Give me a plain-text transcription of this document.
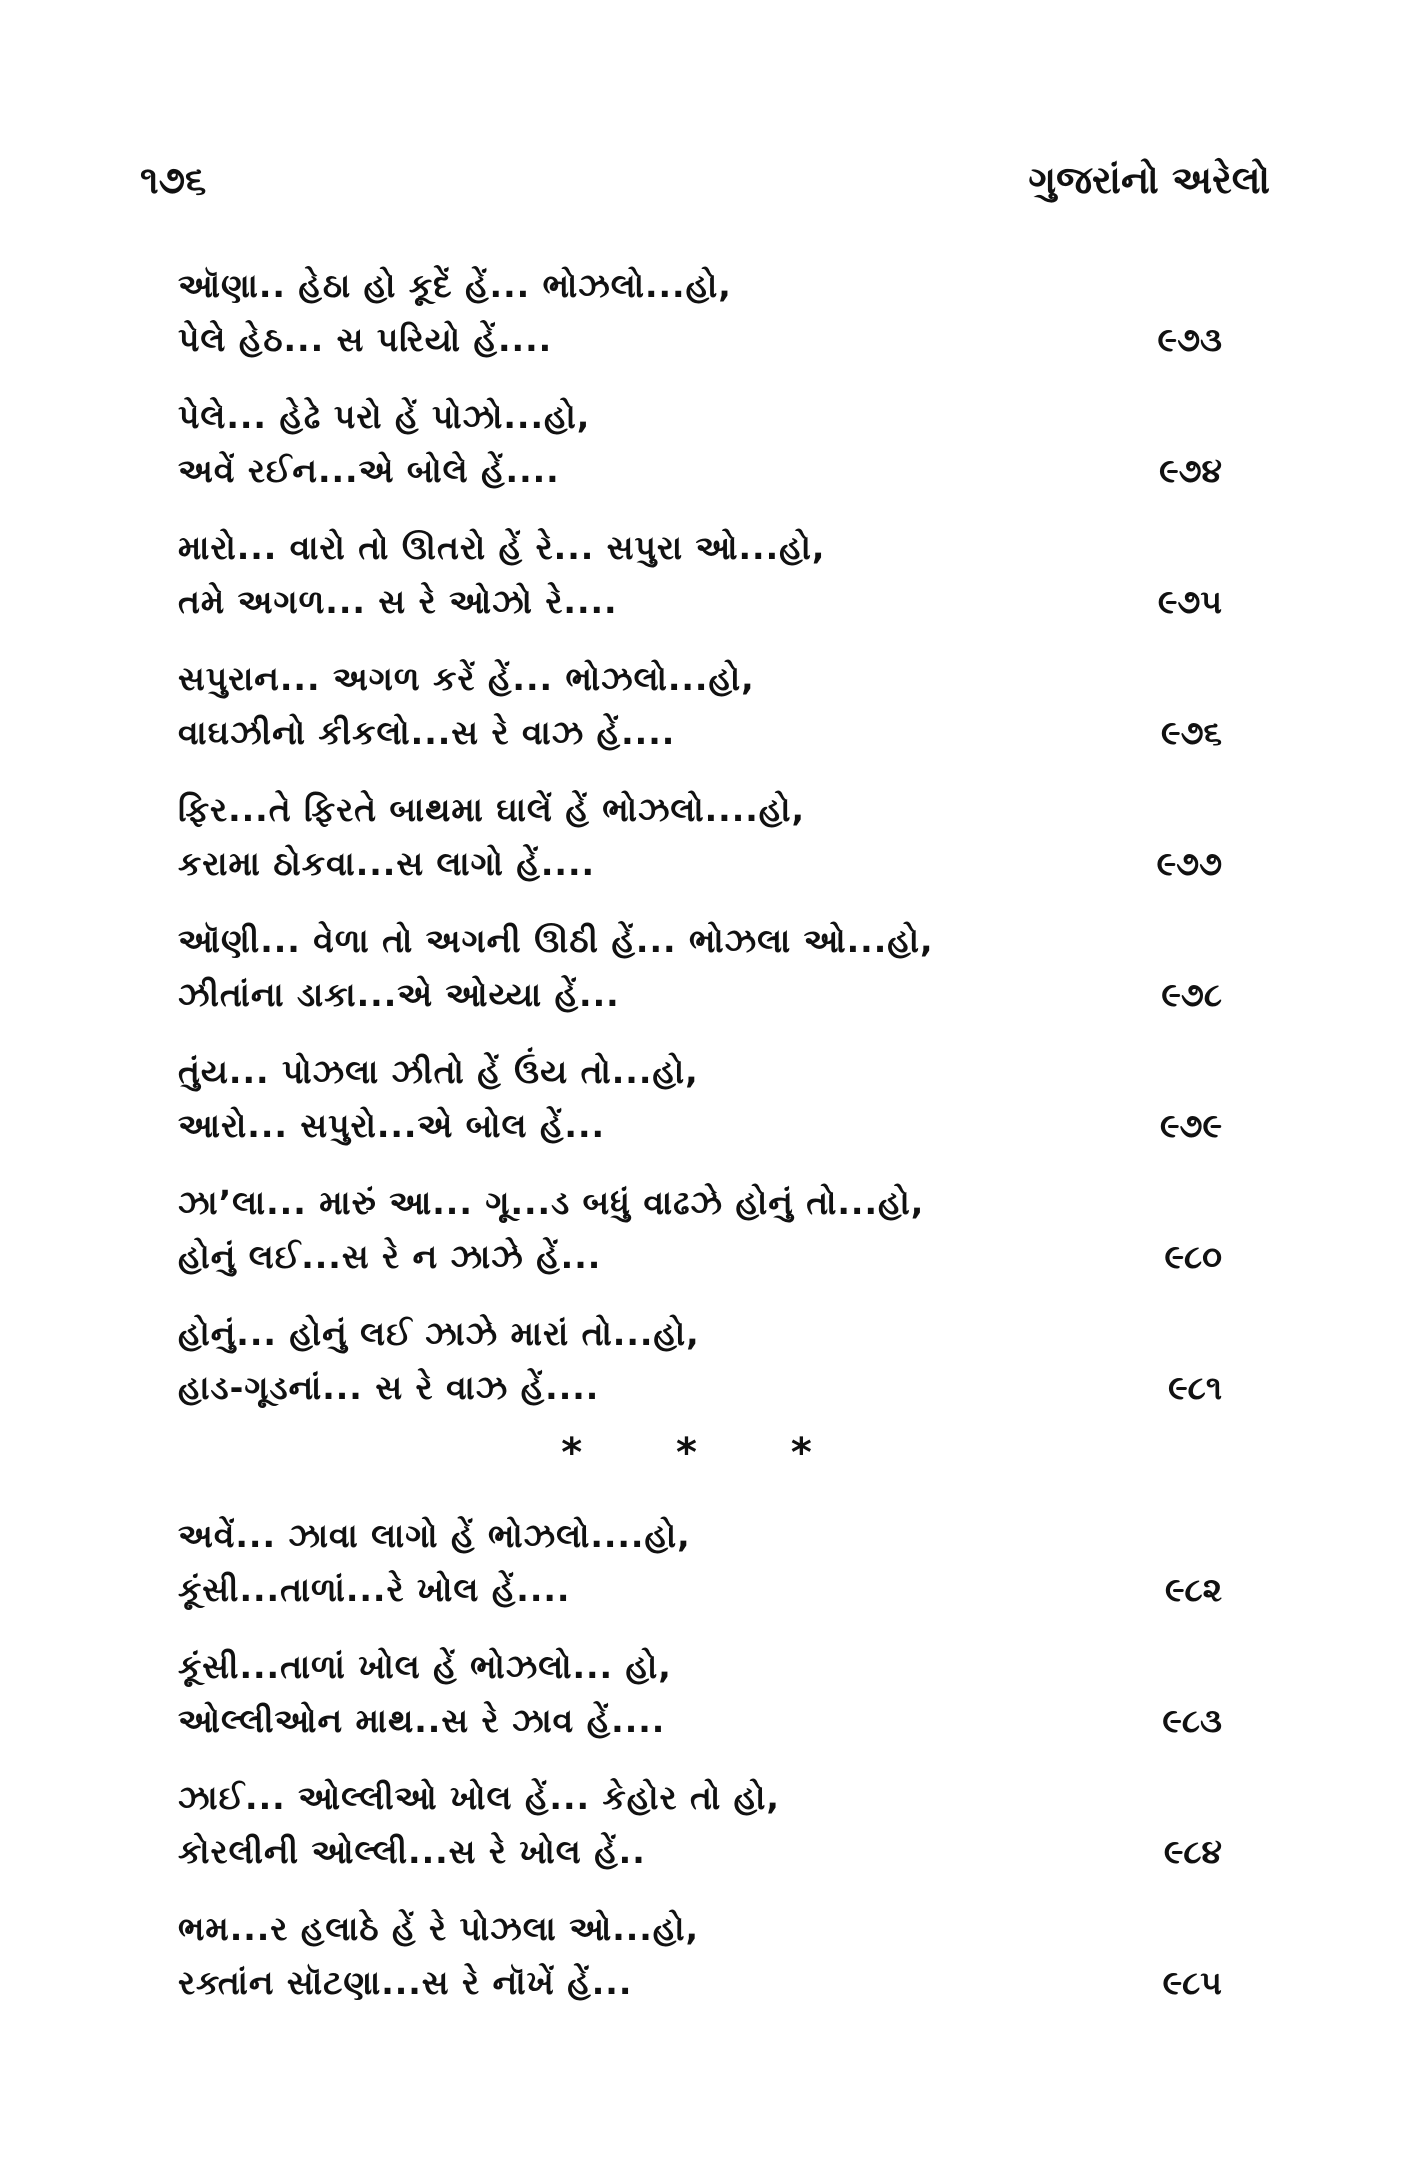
૧૭૬	ગુજરાંનો અરેલો
ઑણા.. હેઠા હો કૂદેં હેં... ભોઝલો...હો,
પેલે હેઠ... સ પરિયો હેં....	૯૭૩
પેલે... હેઢે પરો હેં પોઝો...હો,
અવેં રઈન...એ બોલે હેં....	૯૭૪
મારો... વારો તો ઊતરો હેં રે... સપુરા ઓ...હો,
તમે અગળ... સ રે ઓઝો રે....	૯૭૫
સપુરાન... અગળ કરેં હેં... ભોઝલો...હો,
વાઘઝીનો કીકલો...સ રે વાઝ હેં....	૯૭૬
ફિર...તે ફિરતે બાથમા ઘાલેં હેં ભોઝલો....હો,
કરામા ઠોકવા...સ લાગો હેં....	૯૭૭
ઑણી... વેળા તો અગની ઊઠી હેં... ભોઝલા ઓ...હો,
ઝીતાંના ડાકા...એ ઓય્યા હેં...	૯૭૮
તુંય... પોઝલા ઝીતો હેં ઉંય તો...હો,
આરો... સપુરો...એ બોલ હેં...	૯૭૯
ઝા’લા... મારું આ... ગૂ...ડ બધું વાઢઝે હોનું તો...હો,
હોનું લઈ...સ રે ન ઝાઝે હેં...	૯૮૦
હોનું... હોનું લઈ ઝાઝે મારાં તો...હો,
હાડ-ગૂડનાં... સ રે વાઝ હેં....	૯૮૧
* * *
અવેં... ઝાવા લાગો હેં ભોઝલો....હો,
કૂંસી...તાળાં...રે ખોલ હેં....	૯૮૨
કૂંસી...તાળાં ખોલ હેં ભોઝલો... હો,
ઓલ્લીઓન માથ..સ રે ઝાવ હેં....	૯૮૩
ઝાઈ... ઓલ્લીઓ ખોલ હેં... કેહોર તો હો,
કોરલીની ઓલ્લી...સ રે ખોલ હેં..	૯૮૪
ભમ...ર હલાઠે હેં રે પોઝલા ઓ...હો,
રક્તાંન સૉટણા...સ રે નૉખેં હેં...	૯૮૫
